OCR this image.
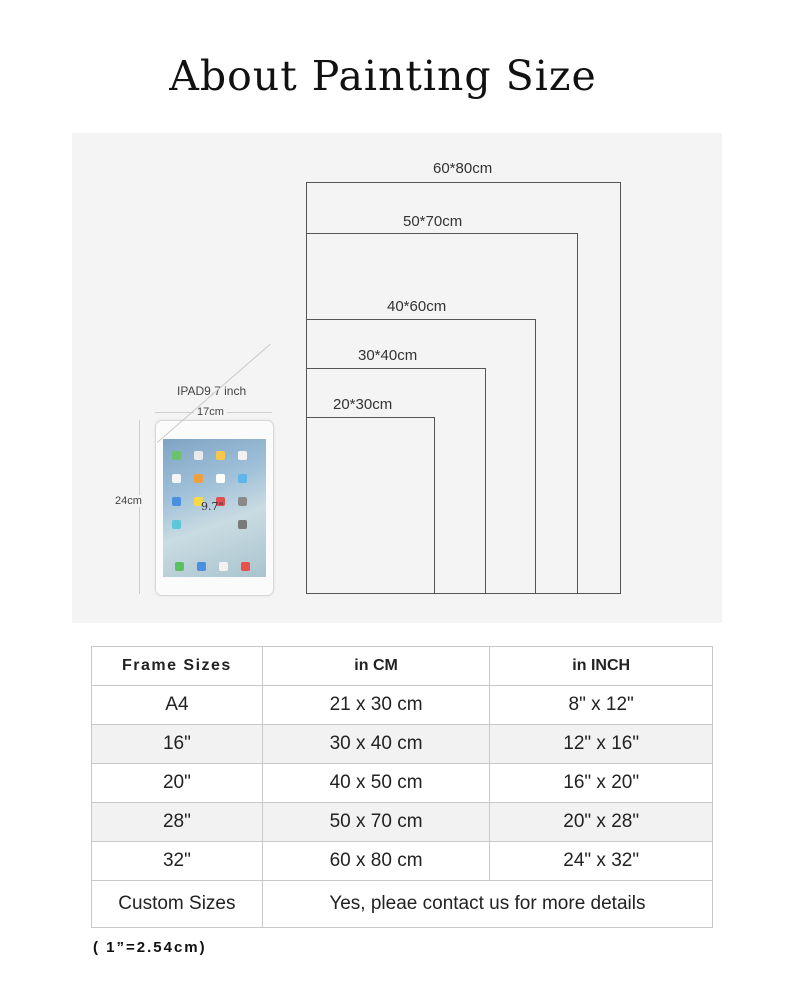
About Painting Size
60*80cm
50*70cm
40*60cm
30*40cm
20*30cm
IPAD9.7 inch
17cm
24cm	9.7"
Frame Sizes	in CM	in INCH
A4	21 x 30 cm	8" x 12"
16"	30 x 40 cm	12" x 16"
20"	40 x 50 cm	16" x 20"
28"	50 x 70 cm	20" x 28"
32"	60 x 80 cm	24" x 32"
Custom Sizes	Yes, pleae contact us for more details	
( 1”=2.54cm)
